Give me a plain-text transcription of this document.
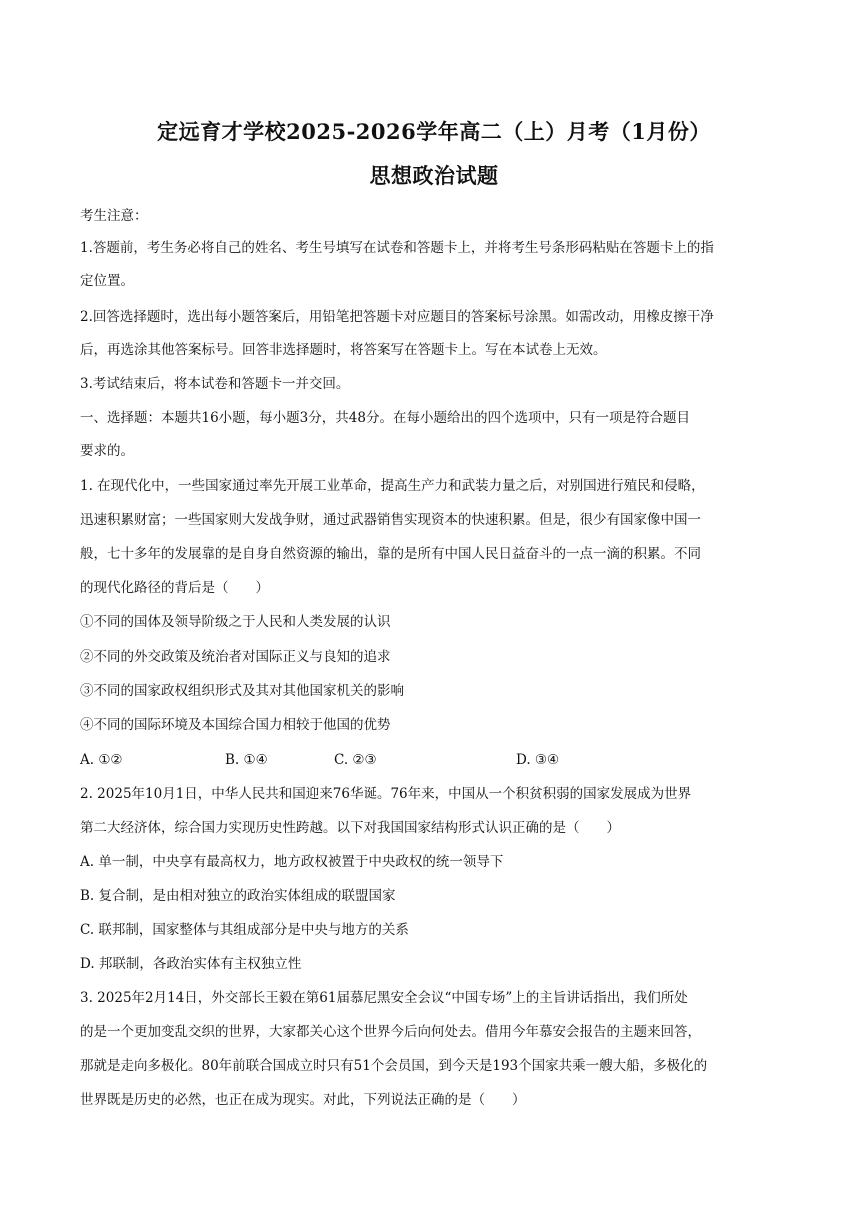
定远育才学校2025-2026学年高二（上）月考（1月份）
思想政治试题
考生注意：
1.答题前，考生务必将自己的姓名、考生号填写在试卷和答题卡上，并将考生号条形码粘贴在答题卡上的指
定位置。
2.回答选择题时，选出每小题答案后，用铅笔把答题卡对应题目的答案标号涂黑。如需改动，用橡皮擦干净
后，再选涂其他答案标号。回答非选择题时，将答案写在答题卡上。写在本试卷上无效。
3.考试结束后，将本试卷和答题卡一并交回。
一、选择题：本题共16小题，每小题3分，共48分。在每小题给出的四个选项中，只有一项是符合题目
要求的。
1. 在现代化中，一些国家通过率先开展工业革命，提高生产力和武装力量之后，对别国进行殖民和侵略，
迅速积累财富；一些国家则大发战争财，通过武器销售实现资本的快速积累。但是，很少有国家像中国一
般，七十多年的发展靠的是自身自然资源的输出，靠的是所有中国人民日益奋斗的一点一滴的积累。不同
的现代化路径的背后是（　　）
①不同的国体及领导阶级之于人民和人类发展的认识
②不同的外交政策及统治者对国际正义与良知的追求
③不同的国家政权组织形式及其对其他国家机关的影响
④不同的国际环境及本国综合国力相较于他国的优势
A. ①②	B. ①④	C. ②③	D. ③④
2. 2025年10月1日，中华人民共和国迎来76华诞。76年来，中国从一个积贫积弱的国家发展成为世界
第二大经济体，综合国力实现历史性跨越。以下对我国国家结构形式认识正确的是（　　）
A. 单一制，中央享有最高权力，地方政权被置于中央政权的统一领导下
B. 复合制，是由相对独立的政治实体组成的联盟国家
C. 联邦制，国家整体与其组成部分是中央与地方的关系
D. 邦联制，各政治实体有主权独立性
3. 2025年2月14日，外交部长王毅在第61届慕尼黑安全会议“中国专场”上的主旨讲话指出，我们所处
的是一个更加变乱交织的世界，大家都关心这个世界今后向何处去。借用今年慕安会报告的主题来回答，
那就是走向多极化。80年前联合国成立时只有51个会员国，到今天是193个国家共乘一艘大船，多极化的
世界既是历史的必然，也正在成为现实。对此，下列说法正确的是（　　）
